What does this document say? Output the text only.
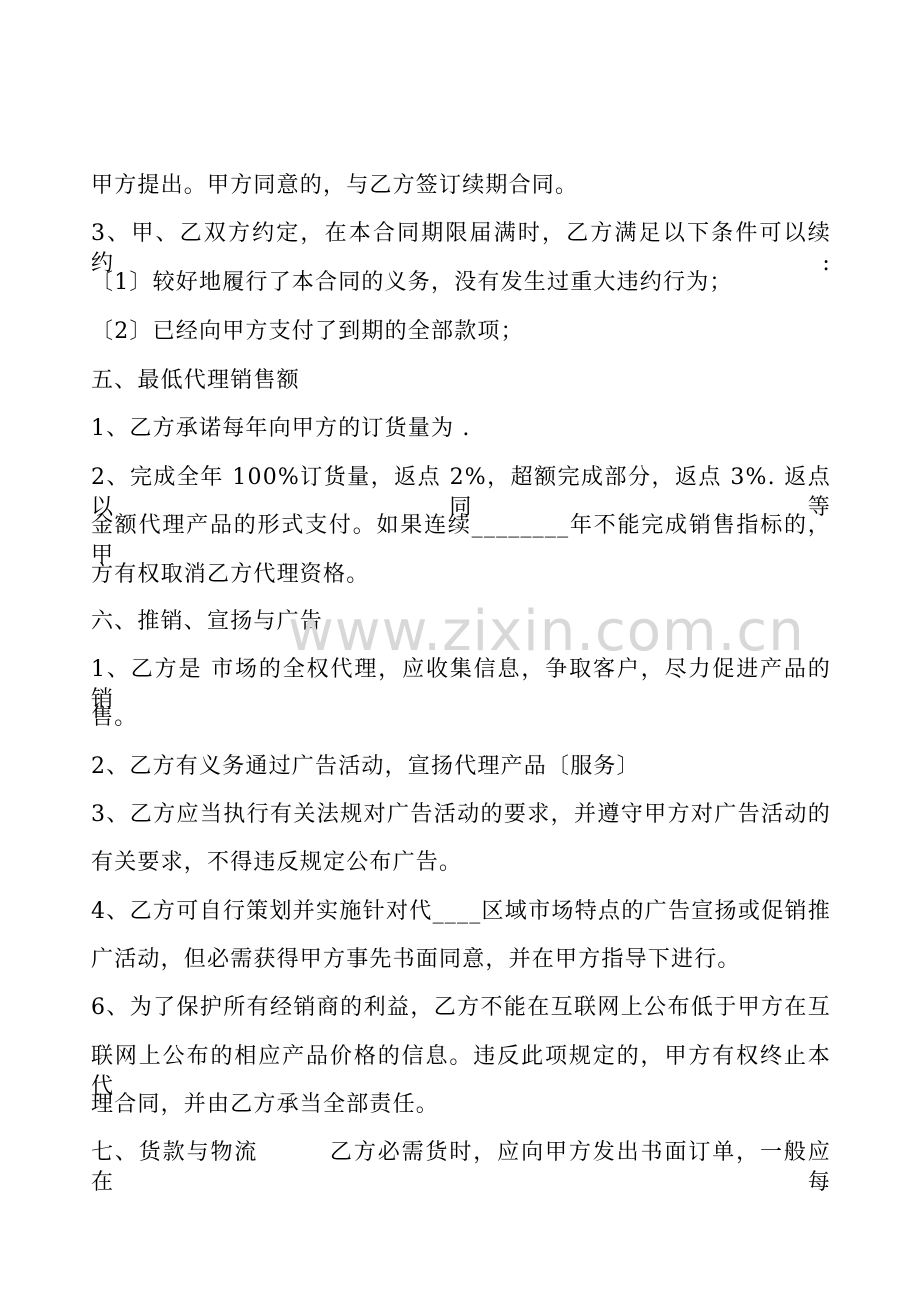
甲方提出。甲方同意的，与乙方签订续期合同。
3、甲、乙双方约定，在本合同期限届满时，乙方满足以下条件可以续约:
〔1〕较好地履行了本合同的义务，没有发生过重大违约行为；
〔2〕已经向甲方支付了到期的全部款项；
五、最低代理销售额
1、乙方承诺每年向甲方的订货量为 .
2、完成全年 100%订货量，返点 2%，超额完成部分，返点 3%. 返点以同等
金额代理产品的形式支付。如果连续________年不能完成销售指标的，甲
方有权取消乙方代理资格。
六、推销、宣扬与广告
1、乙方是 市场的全权代理，应收集信息，争取客户，尽力促进产品的销
售。
2、乙方有义务通过广告活动，宣扬代理产品〔服务〕
3、乙方应当执行有关法规对广告活动的要求，并遵守甲方对广告活动的
有关要求，不得违反规定公布广告。
4、乙方可自行策划并实施针对代____区域市场特点的广告宣扬或促销推
广活动，但必需获得甲方事先书面同意，并在甲方指导下进行。
6、为了保护所有经销商的利益，乙方不能在互联网上公布低于甲方在互
联网上公布的相应产品价格的信息。违反此项规定的，甲方有权终止本代
理合同，并由乙方承当全部责任。
七、货款与物流　　　乙方必需货时，应向甲方发出书面订单，一般应在每
www.zixin.com.cn
